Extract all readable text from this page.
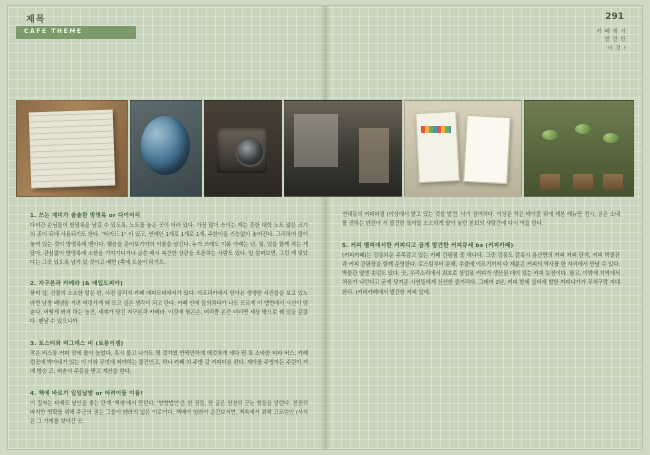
제목	291
CAFE THEME	카 페 에 서
발 견 한
이 것 !
1. 쓰는 재미가 솔솔한 방명록 or 다이어리
다녀간 손님들이 방명록을 남길 수 있도록, 노트를 놓은 곳이 더러 있다. 가장 많이 쓰이는 게는 흔한 대학 노트 얇은 크기의 종이 뒤에 사용되기도 한다. "티키드 1" 이 있고, 연예인 1개로 1개로 1개, 주한이들 기능없이 놓여진다. 그리하여 많이 놓여 있는 것이 방명록에 벤이다. 맺음을 문어보기야의 이룰을 남긴다. 누가 쓰래도 이름 아래는 년, 월, 일을 함께 적는 게 답아, 관심없이 방명록에 소한을 기억기디거나 글쓴 메시 복건한 상관을 포론하는 사람도 있다. 앞 살펴보면, 그런 게 맞았다는 그곳 있도록 남겨 있 것이고 배면 (쪽에 도움이 되기도.
2. 지구본과 카메라 (& 애입도피아)
풍미 앞, 선물의 소소한 달은 편, 사진 끌리지 카페 에피모피에서가 있다. 아프리카에서 담아온 생생한 사진들을 보고 있노라면 남창 배냄음 거려 머릿가게 돼 모고 싶은 생각이 되고 단다. 카페 안에 들의뢰다가 나도 모르게 이 앱면에서 시선이 멈춘다. 어떻게 봐져 하는 놀건, 세계가 담긴 지구본과 카메라. 이것에 형곤은, 머리쯤 온간 더더면 세상 밖으로 꿰 있을 같잖다. 팬날 수 있으니까.
3. 토스터와 머그에스 비 (토롱이셈)
작은 비스통 커피 맛에 볼이 놀었다, 혹시 불고 나가도 몇 것겨썼 반짝만하게 매것차게 세다 뭔 록 소바한 티타 버스, 카페 럼곳에 박아내기 있는 이 이와 무엇에 써야하는 물건인고, 하나 카페 의 주방 갈 커피터론 편다. 제아를 주방자든 주린이 저에 방숭 고, 써숟서 주문을 받고 계산을 한다.
4. 책에 바르기 일일납발 or 어려이들 이름!
이 집자는 타제트 낱인을 좋는 단계 '책에'에서 만던다. '방향법인'은 한 권들, 한 글은 천천히 군논 힘들을 알련다. 천천히 따지만 명확를 위해 주군의 권는 그들이 팬라의 넓은 이로이다. 책배아 임라아 순간보서면, 책속에서 최해 고르린인 (사직은 그 가게를 찾아간 곳.
연대동의 커피피점 (이상에서 팔고 있는 것들 발견, 너기 잠여하다. 이상운 작은 테이블 위에 제본 레뉴만 전시, 궁은 소네를 전하는 덴진아 서 불건한 특약들 소소하게 팔아 놓던 본회의 샤탕간에 다시 역을 한다.
5. 커피 벨피에서한 커피디고 곱게 발견한 커피큐세 bs (커피카페)
(커피카페)는 강릉되운 주목감고 있는 카페 간팜점 중 하나다. 그중 강릉도 같룩시 용산면의 커피 커피 단지, 커피 박물관과 커피 간팜장을 함께 운영한다. 로스팅부터 분쇄, 추출에 이르기까지 다 제분은 커피의 역사를 한 자리에서 만날 수 있다. 박물관 옆엔 솟덤도 있다. 곳, 우리소리에서 최초로 상업용 커피가 생산된 데이 있는 커피 농장이다. 참고, 이밖에 지역에서 처음가 나던다고 굳게 당겨준 시연들에게 신선한 즐거리다. 그래여 2년, 커피 발세 실비에 발한 커피냐가가 무처구락 지대한다. (커피카페에서 발간한 커피 앞에.
